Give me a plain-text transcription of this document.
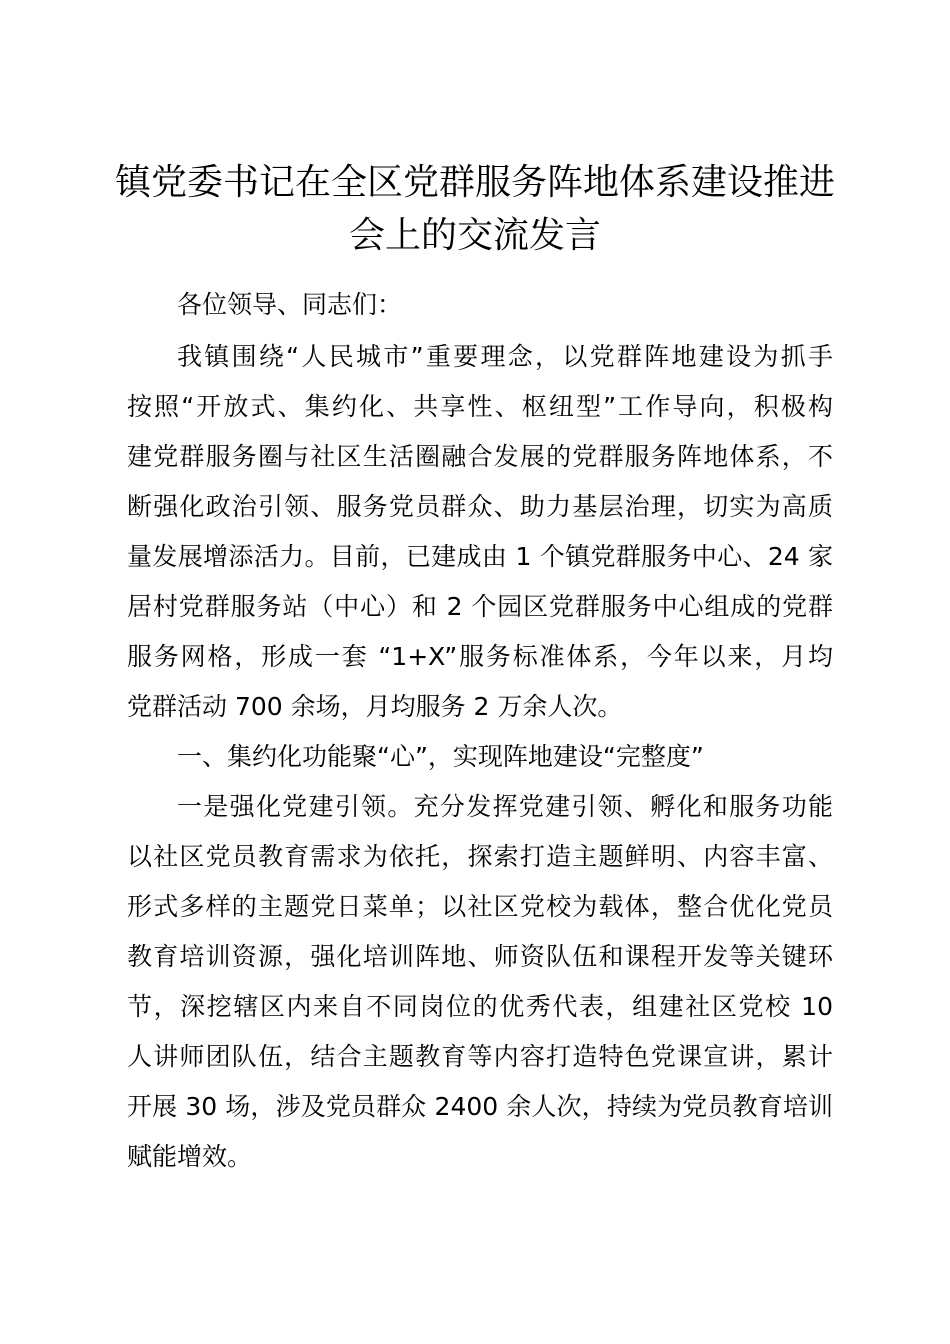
镇党委书记在全区党群服务阵地体系建设推进
会上的交流发言

各位领导、同志们：

我镇围绕“人民城市”重要理念，以党群阵地建设为抓手

按照“开放式、集约化、共享性、枢纽型”工作导向，积极构

建党群服务圈与社区生活圈融合发展的党群服务阵地体系，不

断强化政治引领、服务党员群众、助力基层治理，切实为高质

量发展增添活力。目前，已建成由 1 个镇党群服务中心、24 家

居村党群服务站（中心）和 2 个园区党群服务中心组成的党群

服务网格，形成一套 “1+X”服务标准体系，今年以来，月均

党群活动 700 余场，月均服务 2 万余人次。

一、集约化功能聚“心”，实现阵地建设“完整度”

一是强化党建引领。充分发挥党建引领、孵化和服务功能

以社区党员教育需求为依托，探索打造主题鲜明、内容丰富、

形式多样的主题党日菜单；以社区党校为载体，整合优化党员

教育培训资源，强化培训阵地、师资队伍和课程开发等关键环

节，深挖辖区内来自不同岗位的优秀代表，组建社区党校 10

人讲师团队伍，结合主题教育等内容打造特色党课宣讲，累计

开展 30 场，涉及党员群众 2400 余人次，持续为党员教育培训

赋能增效。
